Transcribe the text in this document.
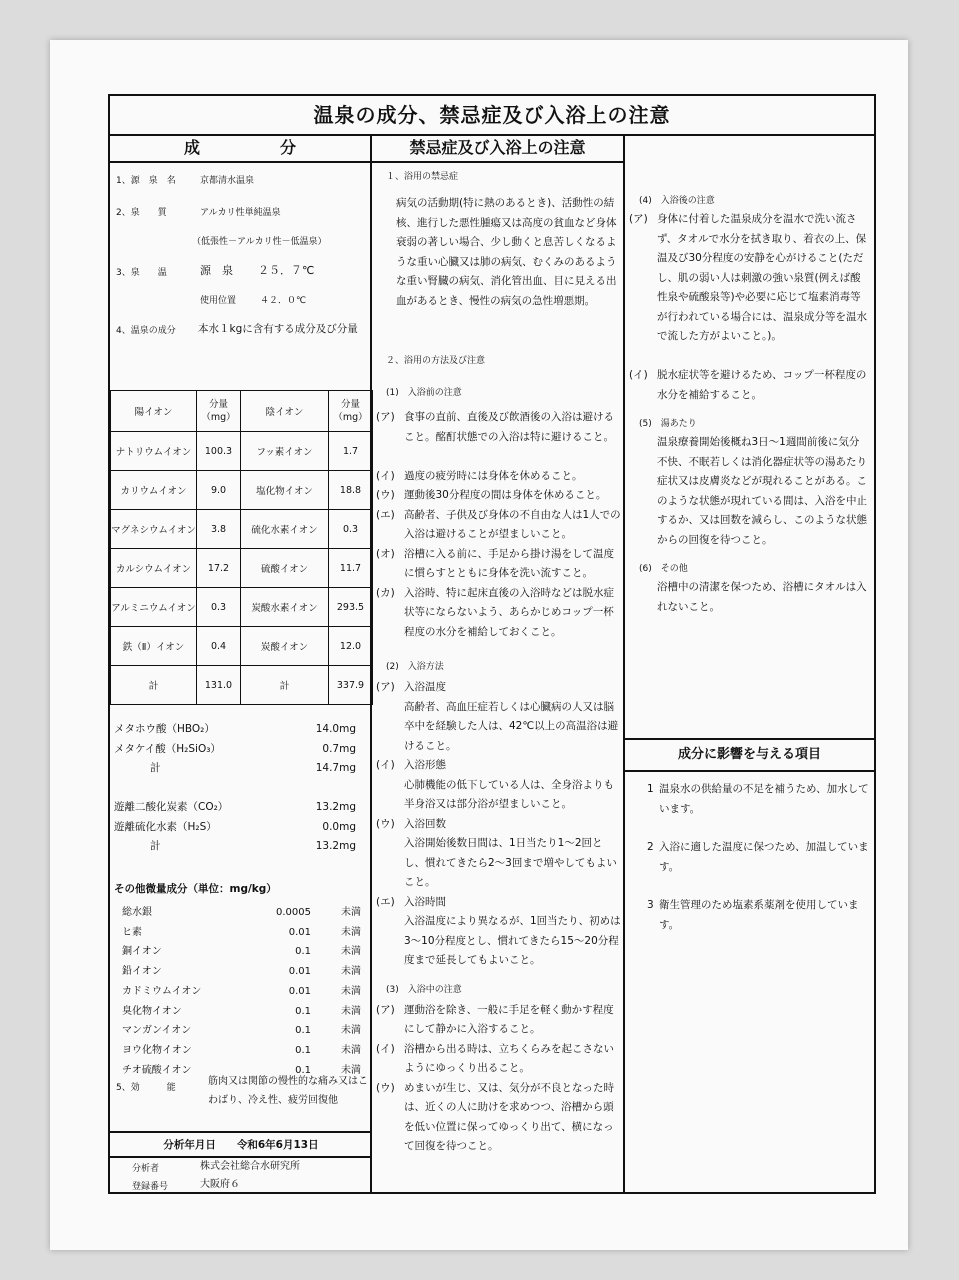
温泉の成分、禁忌症及び入浴上の注意
成　　　　　分
1、源　泉　名	京都清水温泉
2、泉　　質	アルカリ性単純温泉
（低張性－アルカリ性－低温泉）
3、泉　　温	源　泉 ２５．７℃
使用位置	４２．０℃
4、温泉の成分 本水１kgに含有する成分及び分量
陽イオン	分量（mg）	陰イオン	分量（mg）
ナトリウムイオン	100.3	フッ素イオン	1.7
カリウムイオン	9.0	塩化物イオン	18.8
マグネシウムイオン	3.8	硫化水素イオン	0.3
カルシウムイオン	17.2	硫酸イオン	11.7
アルミニウムイオン	0.3	炭酸水素イオン	293.5
鉄（Ⅱ）イオン	0.4	炭酸イオン	12.0
計	131.0	計	337.9
メタホウ酸（HBO₂）	14.0mg
メタケイ酸（H₂SiO₃）	0.7mg
計	14.7mg
遊離二酸化炭素（CO₂）	13.2mg
遊離硫化水素（H₂S）	0.0mg
計	13.2mg
その他微量成分（単位：mg/kg）
総水銀	0.0005	未満
ヒ素	0.01	未満
銅イオン	0.1	未満
鉛イオン	0.01	未満
カドミウムイオン	0.01	未満
臭化物イオン	0.1	未満
マンガンイオン	0.1	未満
ヨウ化物イオン	0.1	未満
チオ硫酸イオン	0.1	未満
5、効　　　能
筋肉又は関節の慢性的な痛み又はこわばり、冷え性、疲労回復他
分析年月日　　令和6年6月13日
分析者	株式会社総合水研究所
登録番号	大阪府６
禁忌症及び入浴上の注意
１、浴用の禁忌症
病気の活動期(特に熱のあるとき)、活動性の結核、進行した悪性腫瘍又は高度の貧血など身体衰弱の著しい場合、少し動くと息苦しくなるような重い心臓又は肺の病気、むくみのあるような重い腎臓の病気、消化管出血、目に見える出血があるとき、慢性の病気の急性増悪期。
２、浴用の方法及び注意
(1)　入浴前の注意
(ア) 食事の直前、直後及び飲酒後の入浴は避けること。酩酊状態での入浴は特に避けること。
(イ) 過度の疲労時には身体を休めること。
(ウ) 運動後30分程度の間は身体を休めること。
(エ) 高齢者、子供及び身体の不自由な人は1人での入浴は避けることが望ましいこと。
(オ) 浴槽に入る前に、手足から掛け湯をして温度に慣らすとともに身体を洗い流すこと。
(カ) 入浴時、特に起床直後の入浴時などは脱水症状等にならないよう、あらかじめコップ一杯程度の水分を補給しておくこと。
(2)　入浴方法
(ア) 入浴温度
高齢者、高血圧症若しくは心臓病の人又は脳卒中を経験した人は、42℃以上の高温浴は避けること。
(イ) 入浴形態
心肺機能の低下している人は、全身浴よりも半身浴又は部分浴が望ましいこと。
(ウ) 入浴回数
入浴開始後数日間は、1日当たり1～2回とし、慣れてきたら2～3回まで増やしてもよいこと。
(エ) 入浴時間
入浴温度により異なるが、1回当たり、初めは3～10分程度とし、慣れてきたら15～20分程度まで延長してもよいこと。
(3)　入浴中の注意
(ア) 運動浴を除き、一般に手足を軽く動かす程度にして静かに入浴すること。
(イ) 浴槽から出る時は、立ちくらみを起こさないようにゆっくり出ること。
(ウ) めまいが生じ、又は、気分が不良となった時は、近くの人に助けを求めつつ、浴槽から頭を低い位置に保ってゆっくり出て、横になって回復を待つこと。
(4)　入浴後の注意
(ア) 身体に付着した温泉成分を温水で洗い流さず、タオルで水分を拭き取り、着衣の上、保温及び30分程度の安静を心がけること(ただし、肌の弱い人は刺激の強い泉質(例えば酸性泉や硫酸泉等)や必要に応じて塩素消毒等が行われている場合には、温泉成分等を温水で流した方がよいこと。)。
(イ) 脱水症状等を避けるため、コップ一杯程度の水分を補給すること。
(5)　湯あたり
温泉療養開始後概ね3日～1週間前後に気分不快、不眠若しくは消化器症状等の湯あたり症状又は皮膚炎などが現れることがある。このような状態が現れている間は、入浴を中止するか、又は回数を減らし、このような状態からの回復を待つこと。
(6)　その他
浴槽中の清潔を保つため、浴槽にタオルは入れないこと。
成分に影響を与える項目
1 温泉水の供給量の不足を補うため、加水しています。
2 入浴に適した温度に保つため、加温しています。
3 衛生管理のため塩素系薬剤を使用しています。
